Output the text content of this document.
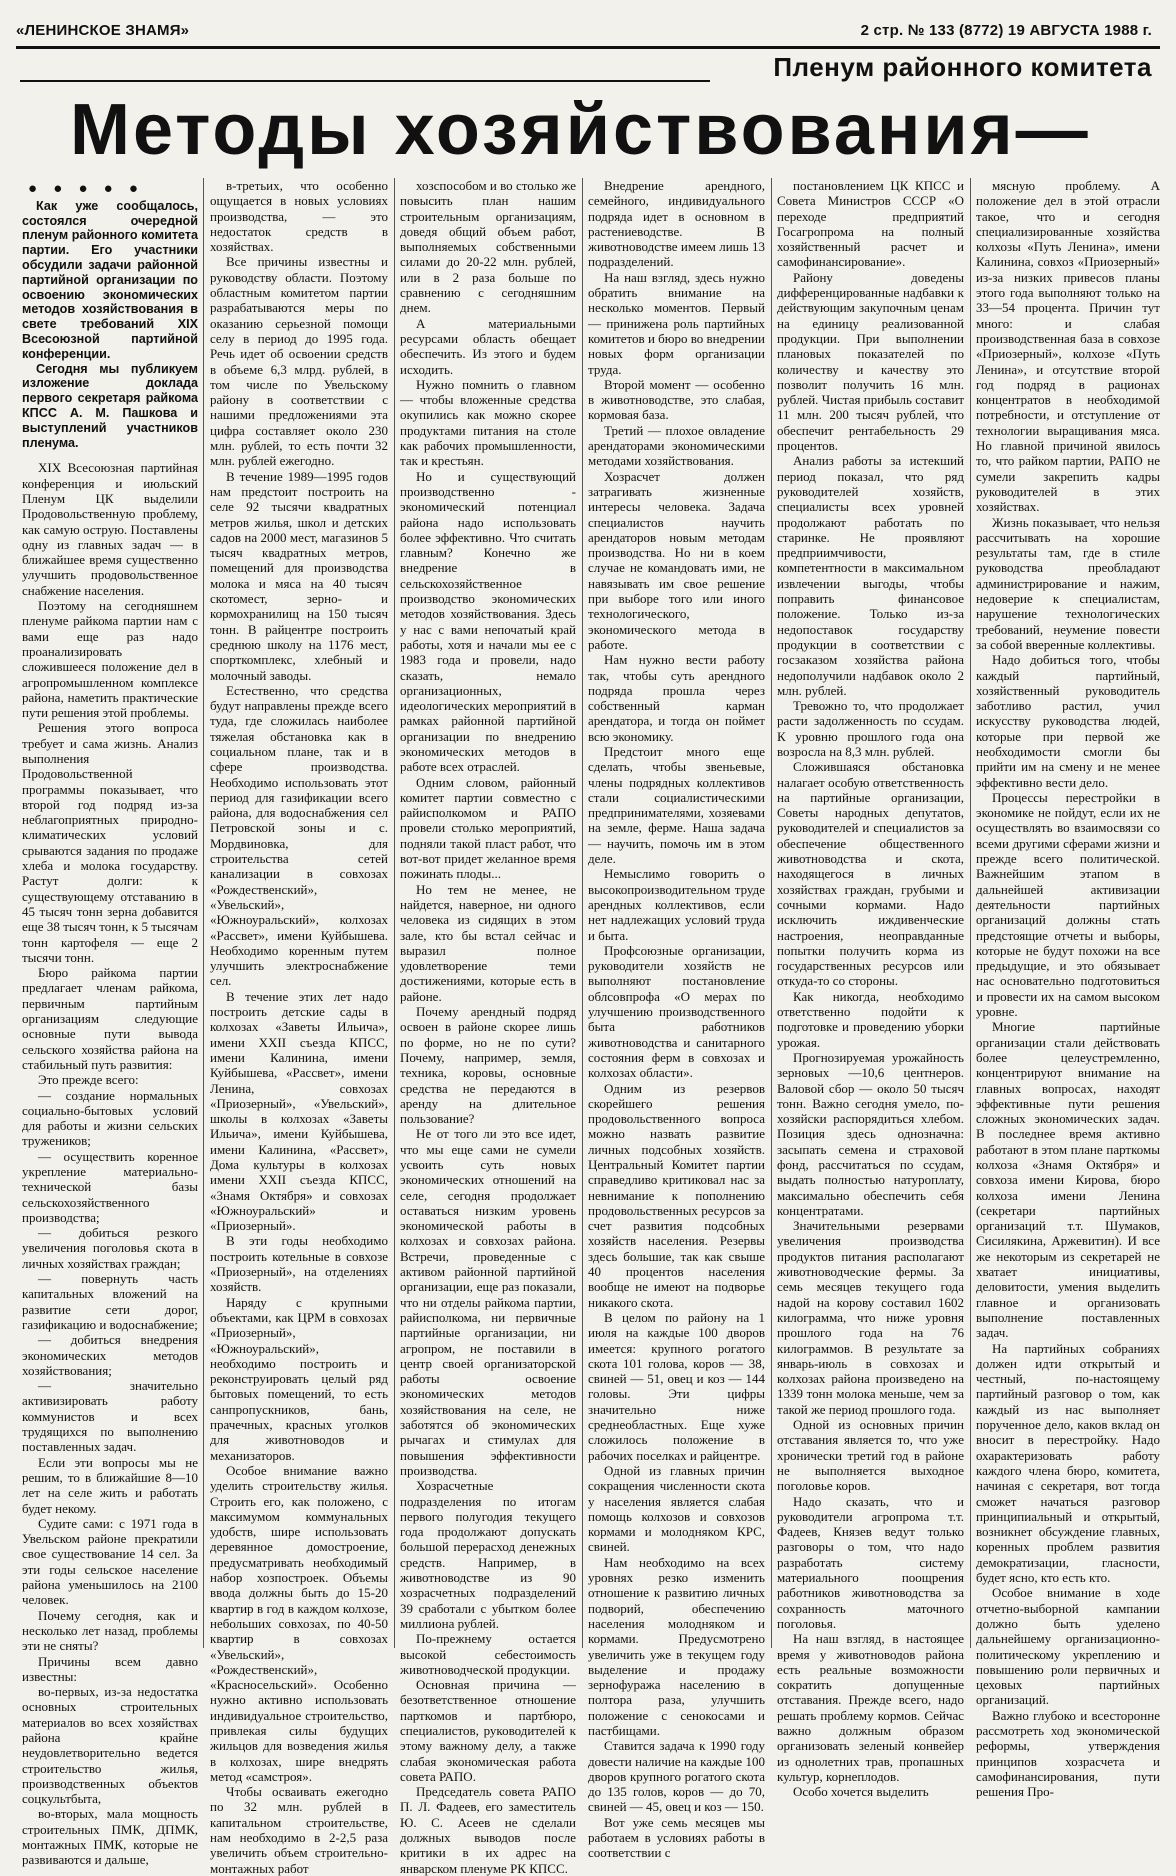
«ЛЕНИНСКОЕ ЗНАМЯ»	2 стр. № 133 (8772) 19 АВГУСТА 1988 г.
Пленум районного комитета
Методы хозяйствования—
● ● ● ● ●

Как уже сообщалось, состоялся очередной пленум районного комитета партии. Его участники обсудили задачи районной партийной организации по освоению экономических методов хозяйствования в свете требований XIX Всесоюзной партийной конференции.

Сегодня мы публикуем изложение доклада первого секретаря райкома КПСС А. М. Пашкова и выступлений участников пленума.

XIX Всесоюзная партийная конференция и июльский Пленум ЦК выделили Продовольственную проблему, как самую острую. Поставлены одну из главных задач — в ближайшее время существенно улучшить продовольственное снабжение населения.

Поэтому на сегодняшнем пленуме райкома партии нам с вами еще раз надо проанализировать сложившееся положение дел в агропромышленном комплексе района, наметить практические пути решения этой проблемы.

Решения этого вопроса требует и сама жизнь. Анализ выполнения Продовольственной программы показывает, что второй год подряд из-за неблагоприятных природно-климатических условий срываются задания по продаже хлеба и молока государству. Растут долги: к существующему отставанию в 45 тысяч тонн зерна добавится еще 38 тысяч тонн, к 5 тысячам тонн картофеля — еще 2 тысячи тонн.

Бюро райкома партии предлагает членам райкома, первичным партийным организациям следующие основные пути вывода сельского хозяйства района на стабильный путь развития:

Это прежде всего:

— создание нормальных социально-бытовых условий для работы и жизни сельских тружеников;

— осуществить коренное укрепление материально-технической базы сельскохозяйственного производства;

— добиться резкого увеличения поголовья скота в личных хозяйствах граждан;

— повернуть часть капитальных вложений на развитие сети дорог, газификацию и водоснабжение;

— добиться внедрения экономических методов хозяйствования;

— значительно активизировать работу коммунистов и всех трудящихся по выполнению поставленных задач.

Если эти вопросы мы не решим, то в ближайшие 8—10 лет на селе жить и работать будет некому.

Судите сами: с 1971 года в Увельском районе прекратили свое существование 14 сел. За эти годы сельское население района уменьшилось на 2100 человек.

Почему сегодня, как и несколько лет назад, проблемы эти не сняты?

Причины всем давно известны:

во-первых, из-за недостатка основных строительных материалов во всех хозяйствах района крайне неудовлетворительно ведется строительство жилья, производственных объектов соцкультбыта,

во-вторых, мала мощность строительных ПМК, ДПМК, монтажных ПМК, которые не развиваются и дальше,

в-третьих, что особенно ощущается в новых условиях производства, — это недостаток средств в хозяйствах.

Все причины известны и руководству области. Поэтому областным комитетом партии разрабатываются меры по оказанию серьезной помощи селу в период до 1995 года. Речь идет об освоении средств в объеме 6,3 млрд. рублей, в том числе по Увельскому району в соответствии с нашими предложениями эта цифра составляет около 230 млн. рублей, то есть почти 32 млн. рублей ежегодно.

В течение 1989—1995 годов нам предстоит построить на селе 92 тысячи квадратных метров жилья, школ и детских садов на 2000 мест, магазинов 5 тысяч квадратных метров, помещений для производства молока и мяса на 40 тысяч скотомест, зерно- и кормохранилищ на 150 тысяч тонн. В райцентре построить среднюю школу на 1176 мест, спорткомплекс, хлебный и молочный заводы.

Естественно, что средства будут направлены прежде всего туда, где сложилась наиболее тяжелая обстановка как в социальном плане, так и в сфере производства. Необходимо использовать этот период для газификации всего района, для водоснабжения сел Петровской зоны и с. Мордвиновка, для строительства сетей канализации в совхозах «Рождественский», «Увельский», «Южноуральский», колхозах «Рассвет», имени Куйбышева. Необходимо коренным путем улучшить электроснабжение сел.

В течение этих лет надо построить детские сады в колхозах «Заветы Ильича», имени XXII съезда КПСС, имени Калинина, имени Куйбышева, «Рассвет», имени Ленина, совхозах «Приозерный», «Увельский», школы в колхозах «Заветы Ильича», имени Куйбышева, имени Калинина, «Рассвет», Дома культуры в колхозах имени XXII съезда КПСС, «Знамя Октября» и совхозах «Южноуральский» и «Приозерный».

В эти годы необходимо построить котельные в совхозе «Приозерный», на отделениях хозяйств.

Наряду с крупными объектами, как ЦРМ в совхозах «Приозерный», «Южноуральский», необходимо построить и реконструировать целый ряд бытовых помещений, то есть санпропускников, бань, прачечных, красных уголков для животноводов и механизаторов.

Особое внимание важно уделить строительству жилья. Строить его, как положено, с максимумом коммунальных удобств, шире использовать деревянное домостроение, предусматривать необходимый набор хозпостроек. Объемы ввода должны быть до 15-20 квартир в год в каждом колхозе, небольших совхозах, по 40-50 квартир в совхозах «Увельский», «Рождественский», «Красносельский». Особенно нужно активно использовать индивидуальное строительство, привлекая силы будущих жильцов для возведения жилья в колхозах, шире внедрять метод «самстроя».

Чтобы осваивать ежегодно по 32 млн. рублей в капитальном строительстве, нам необходимо в 2-2,5 раза увеличить объем строительно-монтажных работ

хозспособом и во столько же повысить план нашим строительным организациям, доведя общий объем работ, выполняемых собственными силами до 20-22 млн. рублей, или в 2 раза больше по сравнению с сегодняшним днем.

А материальными ресурсами область обещает обеспечить. Из этого и будем исходить.

Нужно помнить о главном — чтобы вложенные средства окупились как можно скорее продуктами питания на столе как рабочих промышленности, так и крестьян.

Но и существующий производственно - экономический потенциал района надо использовать более эффективно. Что считать главным? Конечно же внедрение в сельскохозяйственное производство экономических методов хозяйствования. Здесь у нас с вами непочатый край работы, хотя и начали мы ее с 1983 года и провели, надо сказать, немало организационных, идеологических мероприятий в рамках районной партийной организации по внедрению экономических методов в работе всех отраслей.

Одним словом, районный комитет партии совместно с райисполкомом и РАПО провели столько мероприятий, подняли такой пласт работ, что вот-вот придет желанное время пожинать плоды...

Но тем не менее, не найдется, наверное, ни одного человека из сидящих в этом зале, кто бы встал сейчас и выразил полное удовлетворение теми достижениями, которые есть в районе.

Почему арендный подряд освоен в районе скорее лишь по форме, но не по сути? Почему, например, земля, техника, коровы, основные средства не передаются в аренду на длительное пользование?

Не от того ли это все идет, что мы еще сами не сумели усвоить суть новых экономических отношений на селе, сегодня продолжает оставаться низким уровень экономической работы в колхозах и совхозах района. Встречи, проведенные с активом районной партийной организации, еще раз показали, что ни отделы райкома партии, райисполкома, ни первичные партийные организации, ни агропром, не поставили в центр своей организаторской работы освоение экономических методов хозяйствования на селе, не заботятся об экономических рычагах и стимулах для повышения эффективности производства.

Хозрасчетные подразделения по итогам первого полугодия текущего года продолжают допускать большой перерасход денежных средств. Например, в животноводстве из 90 хозрасчетных подразделений 39 сработали с убытком более миллиона рублей.

По-прежнему остается высокой себестоимость животноводческой продукции.

Основная причина — безответственное отношение парткомов и партбюро, специалистов, руководителей к этому важному делу, а также слабая экономическая работа совета РАПО.

Председатель совета РАПО П. Л. Фадеев, его заместитель Ю. С. Асеев не сделали должных выводов после критики в их адрес на январском пленуме РК КПСС.

Внедрение арендного, семейного, индивидуального подряда идет в основном в растениеводстве. В животноводстве имеем лишь 13 подразделений.

На наш взгляд, здесь нужно обратить внимание на несколько моментов. Первый — принижена роль партийных комитетов и бюро во внедрении новых форм организации труда.

Второй момент — особенно в животноводстве, это слабая, кормовая база.

Третий — плохое овладение арендаторами экономическими методами хозяйствования.

Хозрасчет должен затрагивать жизненные интересы человека. Задача специалистов научить арендаторов новым методам производства. Но ни в коем случае не командовать ими, не навязывать им свое решение при выборе того или иного технологического, экономического метода в работе.

Нам нужно вести работу так, чтобы суть арендного подряда прошла через собственный карман арендатора, и тогда он поймет всю экономику.

Предстоит много еще сделать, чтобы звеньевые, члены подрядных коллективов стали социалистическими предпринимателями, хозяевами на земле, ферме. Наша задача — научить, помочь им в этом деле.

Немыслимо говорить о высокопроизводительном труде арендных коллективов, если нет надлежащих условий труда и быта.

Профсоюзные организации, руководители хозяйств не выполняют постановление облсовпрофа «О мерах по улучшению производственного быта работников животноводства и санитарного состояния ферм в совхозах и колхозах области».

Одним из резервов скорейшего решения продовольственного вопроса можно назвать развитие личных подсобных хозяйств. Центральный Комитет партии справедливо критиковал нас за невнимание к пополнению продовольственных ресурсов за счет развития подсобных хозяйств населения. Резервы здесь большие, так как свыше 40 процентов населения вообще не имеют на подворье никакого скота.

В целом по району на 1 июля на каждые 100 дворов имеется: крупного рогатого скота 101 голова, коров — 38, свиней — 51, овец и коз — 144 головы. Эти цифры значительно ниже среднеобластных. Еще хуже сложилось положение в рабочих поселках и райцентре.

Одной из главных причин сокращения численности скота у населения является слабая помощь колхозов и совхозов кормами и молодняком КРС, свиней.

Нам необходимо на всех уровнях резко изменить отношение к развитию личных подворий, обеспечению населения молодняком и кормами. Предусмотрено увеличить уже в текущем году выделение и продажу зернофуража населению в полтора раза, улучшить положение с сенокосами и пастбищами.

Ставится задача к 1990 году довести наличие на каждые 100 дворов крупного рогатого скота до 135 голов, коров — до 70, свиней — 45, овец и коз — 150.

Вот уже семь месяцев мы работаем в условиях работы в соответствии с

постановлением ЦК КПСС и Совета Министров СССР «О переходе предприятий Госагропрома на полный хозяйственный расчет и самофинансирование».

Району доведены дифференцированные надбавки к действующим закупочным ценам на единицу реализованной продукции. При выполнении плановых показателей по количеству и качеству это позволит получить 16 млн. рублей. Чистая прибыль составит 11 млн. 200 тысяч рублей, что обеспечит рентабельность 29 процентов.

Анализ работы за истекший период показал, что ряд руководителей хозяйств, специалисты всех уровней продолжают работать по старинке. Не проявляют предприимчивости, компетентности в максимальном извлечении выгоды, чтобы поправить финансовое положение. Только из-за недопоставок государству продукции в соответствии с госзаказом хозяйства района недополучили надбавок около 2 млн. рублей.

Тревожно то, что продолжает расти задолженность по ссудам. К уровню прошлого года она возросла на 8,3 млн. рублей.

Сложившаяся обстановка налагает особую ответственность на партийные организации, Советы народных депутатов, руководителей и специалистов за обеспечение общественного животноводства и скота, находящегося в личных хозяйствах граждан, грубыми и сочными кормами. Надо исключить иждивенческие настроения, неоправданные попытки получить корма из государственных ресурсов или откуда-то со стороны.

Как никогда, необходимо ответственно подойти к подготовке и проведению уборки урожая.

Прогнозируемая урожайность зерновых —10,6 центнеров. Валовой сбор — около 50 тысяч тонн. Важно сегодня умело, по-хозяйски распорядиться хлебом. Позиция здесь однозначна: засыпать семена и страховой фонд, рассчитаться по ссудам, выдать полностью натуроплату, максимально обеспечить себя концентратами.

Значительными резервами увеличения производства продуктов питания располагают животноводческие фермы. За семь месяцев текущего года надой на корову составил 1602 килограмма, что ниже уровня прошлого года на 76 килограммов. В результате за январь-июль в совхозах и колхозах района произведено на 1339 тонн молока меньше, чем за такой же период прошлого года.

Одной из основных причин отставания является то, что уже хронически третий год в районе не выполняется выходное поголовье коров.

Надо сказать, что и руководители агропрома т.т. Фадеев, Князев ведут только разговоры о том, что надо разработать систему материального поощрения работников животноводства за сохранность маточного поголовья.

На наш взгляд, в настоящее время у животноводов района есть реальные возможности сократить допущенные отставания. Прежде всего, надо решать проблему кормов. Сейчас важно должным образом организовать зеленый конвейер из однолетних трав, пропашных культур, корнеплодов.

Особо хочется выделить

мясную проблему. А положение дел в этой отрасли такое, что и сегодня специализированные хозяйства колхозы «Путь Ленина», имени Калинина, совхоз «Приозерный» из-за низких привесов планы этого года выполняют только на 33—54 процента. Причин тут много: и слабая производственная база в совхозе «Приозерный», колхозе «Путь Ленина», и отсутствие второй год подряд в рационах концентратов в необходимой потребности, и отступление от технологии выращивания мяса. Но главной причиной явилось то, что райком партии, РАПО не сумели закрепить кадры руководителей в этих хозяйствах.

Жизнь показывает, что нельзя рассчитывать на хорошие результаты там, где в стиле руководства преобладают администрирование и нажим, недоверие к специалистам, нарушение технологических требований, неумение повести за собой вверенные коллективы.

Надо добиться того, чтобы каждый партийный, хозяйственный руководитель заботливо растил, учил искусству руководства людей, которые при первой же необходимости смогли бы прийти им на смену и не менее эффективно вести дело.

Процессы перестройки в экономике не пойдут, если их не осуществлять во взаимосвязи со всеми другими сферами жизни и прежде всего политической. Важнейшим этапом в дальнейшей активизации деятельности партийных организаций должны стать предстоящие отчеты и выборы, которые не будут похожи на все предыдущие, и это обязывает нас основательно подготовиться и провести их на самом высоком уровне.

Многие партийные организации стали действовать более целеустремленно, концентрируют внимание на главных вопросах, находят эффективные пути решения сложных экономических задач. В последнее время активно работают в этом плане парткомы колхоза «Знамя Октября» и совхоза имени Кирова, бюро колхоза имени Ленина (секретари партийных организаций т.т. Шумаков, Сисилякина, Аржевитин). И все же некоторым из секретарей не хватает инициативы, деловитости, умения выделить главное и организовать выполнение поставленных задач.

На партийных собраниях должен идти открытый и честный, по-настоящему партийный разговор о том, как каждый из нас выполняет порученное дело, каков вклад он вносит в перестройку. Надо охарактеризовать работу каждого члена бюро, комитета, начиная с секретаря, вот тогда сможет начаться разговор принципиальный и открытый, возникнет обсуждение главных, коренных проблем развития демократизации, гласности, будет ясно, кто есть кто.

Особое внимание в ходе отчетно-выборной кампании должно быть уделено дальнейшему организационно-политическому укреплению и повышению роли первичных и цеховых партийных организаций.

Важно глубоко и всесторонне рассмотреть ход экономической реформы, утверждения принципов хозрасчета и самофинансирования, пути решения Про-
